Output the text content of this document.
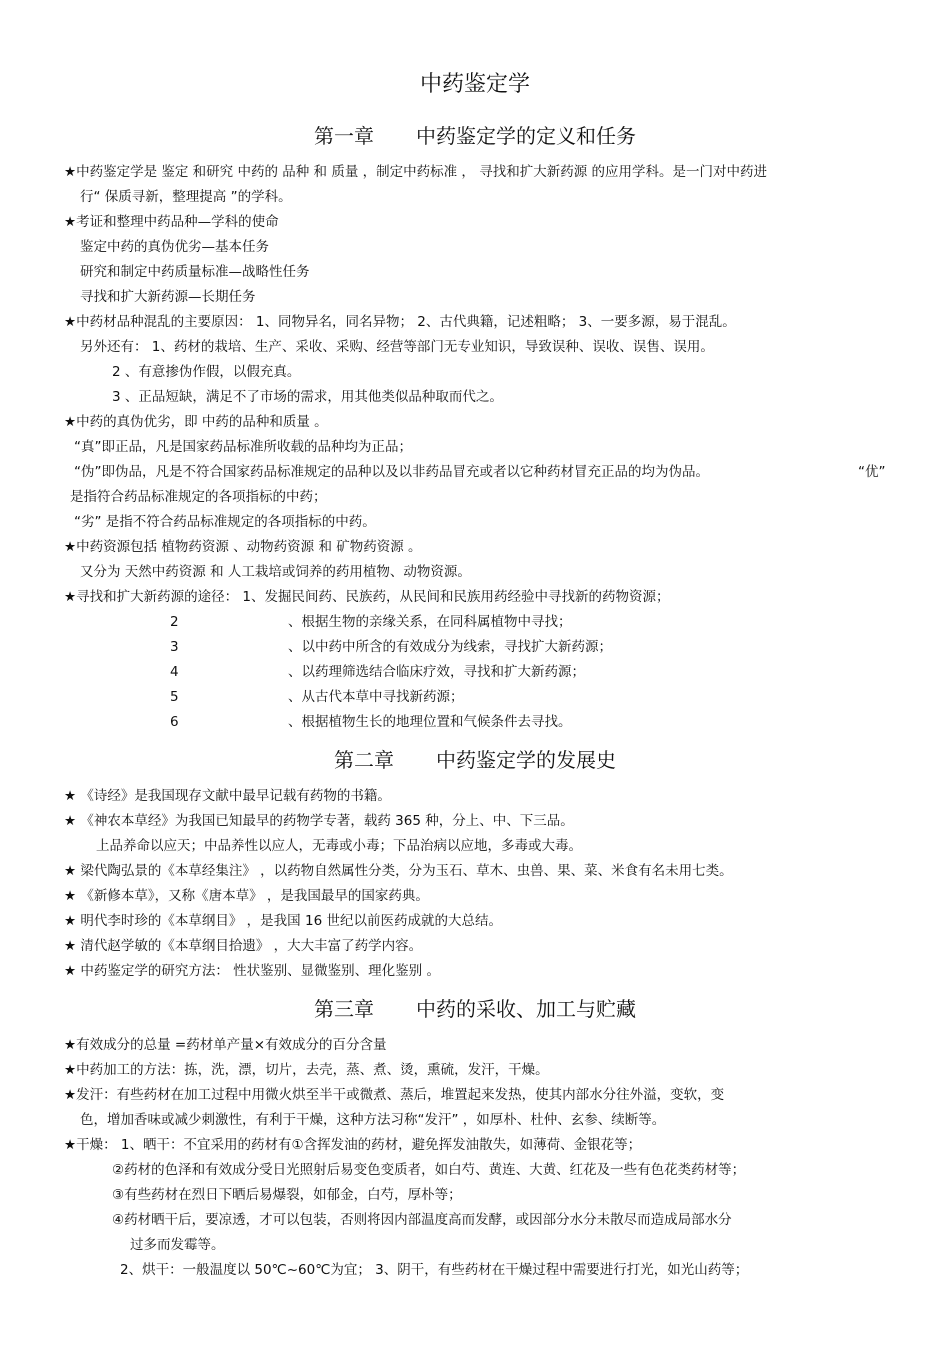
中药鉴定学
第一章 中药鉴定学的定义和任务
★中药鉴定学是 鉴定 和研究 中药的 品种 和 质量 ，制定中药标准 ， 寻找和扩大新药源 的应用学科。是一门对中药进
行“ 保质寻新，整理提高 ”的学科。
★考证和整理中药品种—学科的使命
鉴定中药的真伪优劣—基本任务
研究和制定中药质量标准—战略性任务
寻找和扩大新药源—长期任务
★中药材品种混乱的主要原因： 1、同物异名，同名异物； 2、古代典籍，记述粗略； 3、一要多源，易于混乱。
另外还有： 1、药材的栽培、生产、采收、采购、经营等部门无专业知识，导致误种、误收、误售、误用。
2 、有意掺伪作假，以假充真。
3 、正品短缺，满足不了市场的需求，用其他类似品种取而代之。
★中药的真伪优劣，即 中药的品种和质量 。
“真”即正品，凡是国家药品标准所收载的品种均为正品；
“伪”即伪品，凡是不符合国家药品标准规定的品种以及以非药品冒充或者以它种药材冒充正品的均为伪品。	“优”
是指符合药品标准规定的各项指标的中药；
“劣” 是指不符合药品标准规定的各项指标的中药。
★中药资源包括 植物药资源 、动物药资源 和 矿物药资源 。
又分为 天然中药资源 和 人工栽培或饲养的药用植物、动物资源。
★寻找和扩大新药源的途径： 1、发掘民间药、民族药，从民间和民族用药经验中寻找新的药物资源；
2	、根据生物的亲缘关系，在同科属植物中寻找；
3	、以中药中所含的有效成分为线索，寻找扩大新药源；
4	、以药理筛选结合临床疗效，寻找和扩大新药源；
5	、从古代本草中寻找新药源；
6	、根据植物生长的地理位置和气候条件去寻找。
第二章 中药鉴定学的发展史
★ 《诗经》是我国现存文献中最早记载有药物的书籍。
★ 《神农本草经》为我国已知最早的药物学专著，载药 365 种，分上、中、下三品。
上品养命以应天；中品养性以应人，无毒或小毒；下品治病以应地，多毒或大毒。
★ 梁代陶弘景的《本草经集注》 ，以药物自然属性分类，分为玉石、草木、虫兽、果、菜、米食有名未用七类。
★ 《新修本草》，又称《唐本草》 ，是我国最早的国家药典。
★ 明代李时珍的《本草纲目》 ，是我国 16 世纪以前医药成就的大总结。
★ 清代赵学敏的《本草纲目拾遗》 ，大大丰富了药学内容。
★ 中药鉴定学的研究方法： 性状鉴别、显微鉴别、理化鉴别 。
第三章 中药的采收、加工与贮藏
★有效成分的总量 =药材单产量×有效成分的百分含量
★中药加工的方法：拣，洗，漂，切片，去壳，蒸、煮、烫，熏硫，发汗，干燥。
★发汗：有些药材在加工过程中用微火烘至半干或微煮、蒸后，堆置起来发热，使其内部水分往外溢，变软，变
色，增加香味或减少刺激性，有利于干燥，这种方法习称“发汗” ，如厚朴、杜仲、玄参、续断等。
★干燥： 1、晒干：不宜采用的药材有①含挥发油的药材，避免挥发油散失，如薄荷、金银花等；
②药材的色泽和有效成分受日光照射后易变色变质者，如白芍、黄连、大黄、红花及一些有色花类药材等；
③有些药材在烈日下晒后易爆裂，如郁金，白芍，厚朴等；
④药材晒干后，要凉透，才可以包装，否则将因内部温度高而发酵，或因部分水分未散尽而造成局部水分
过多而发霉等。
2、烘干：一般温度以 50℃~60℃为宜； 3、阴干，有些药材在干燥过程中需要进行打光，如光山药等；
